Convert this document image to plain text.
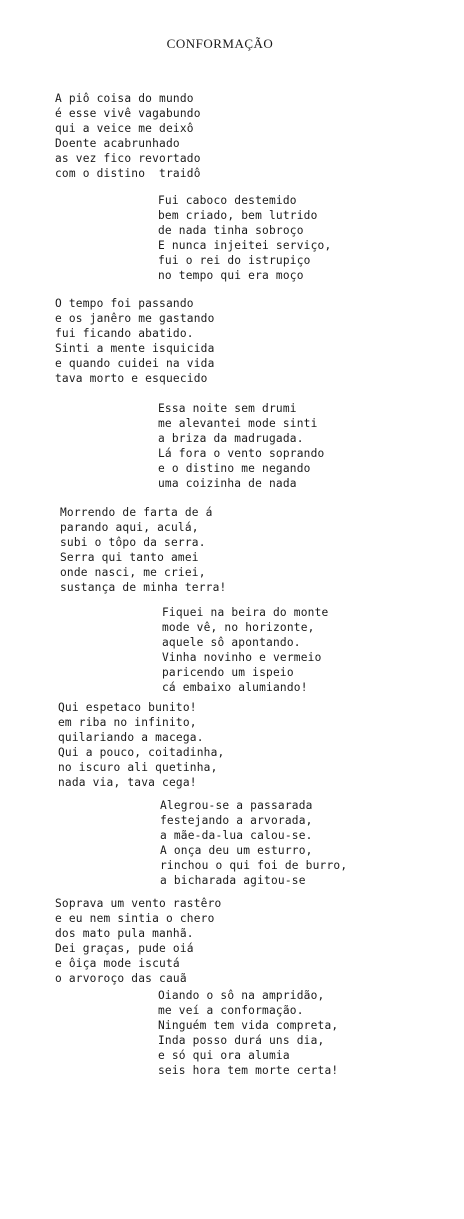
CONFORMAÇÃO
A piô coisa do mundo
é esse vivê vagabundo
qui a veice me deixô
Doente acabrunhado
as vez fico revortado
com o distino  traidô
Fui caboco destemido
bem criado, bem lutrido
de nada tinha sobroço
E nunca injeitei serviço,
fui o rei do istrupiço
no tempo qui era moço
O tempo foi passando
e os janêro me gastando
fui ficando abatido.
Sinti a mente isquicida
e quando cuidei na vida
tava morto e esquecido
Essa noite sem drumi
me alevantei mode sinti
a briza da madrugada.
Lá fora o vento soprando
e o distino me negando
uma coizinha de nada
Morrendo de farta de á
parando aqui, aculá,
subi o tôpo da serra.
Serra qui tanto amei
onde nasci, me criei,
sustança de minha terra!
Fiquei na beira do monte
mode vê, no horizonte,
aquele sô apontando.
Vinha novinho e vermeio
paricendo um ispeio
cá embaixo alumiando!
Qui espetaco bunito!
em riba no infinito,
quilariando a macega.
Qui a pouco, coitadinha,
no iscuro ali quetinha,
nada via, tava cega!
Alegrou-se a passarada
festejando a arvorada,
a mãe-da-lua calou-se.
A onça deu um esturro,
rinchou o qui foi de burro,
a bicharada agitou-se
Soprava um vento rastêro
e eu nem sintia o chero
dos mato pula manhã.
Dei graças, pude oiá
e ôiça mode iscutá
o arvoroço das cauã
Oiando o sô na ampridão,
me veí a conformação.
Ninguém tem vida compreta,
Inda posso durá uns dia,
e só qui ora alumia
seis hora tem morte certa!
